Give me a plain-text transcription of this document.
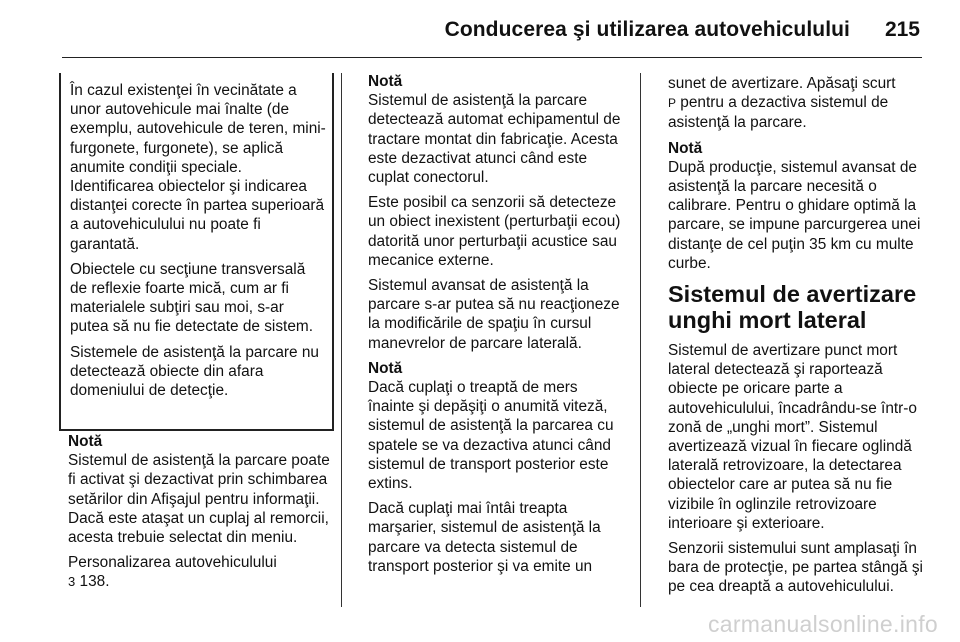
Conducerea şi utilizarea autovehiculului 215

În cazul existenţei în vecinătate a unor autovehicule mai înalte (de exemplu, autovehicule de teren, mini-furgonete, furgonete), se aplică anumite condiţii speciale. Identificarea obiectelor şi indicarea distanţei corecte în partea superioară a autovehiculului nu poate fi garantată.

Obiectele cu secţiune transversală de reflexie foarte mică, cum ar fi materialele subţiri sau moi, s-ar putea să nu fie detectate de sistem.

Sistemele de asistenţă la parcare nu detectează obiecte din afara domeniului de detecţie.

Notă
Sistemul de asistenţă la parcare poate fi activat şi dezactivat prin schimbarea setărilor din Afişajul pentru informaţii. Dacă este ataşat un cuplaj al remorcii, acesta trebuie selectat din meniu.

Personalizarea autovehiculului
3 138.

Notă
Sistemul de asistenţă la parcare detectează automat echipamentul de tractare montat din fabricaţie. Acesta este dezactivat atunci când este cuplat conectorul.

Este posibil ca senzorii să detecteze un obiect inexistent (perturbaţii ecou) datorită unor perturbaţii acustice sau mecanice externe.

Sistemul avansat de asistenţă la parcare s-ar putea să nu reacţioneze la modificările de spaţiu în cursul manevrelor de parcare laterală.

Notă
Dacă cuplaţi o treaptă de mers înainte şi depăşiţi o anumită viteză, sistemul de asistenţă la parcarea cu spatele se va dezactiva atunci când sistemul de transport posterior este extins.

Dacă cuplaţi mai întâi treapta marşarier, sistemul de asistenţă la parcare va detecta sistemul de transport posterior şi va emite un

sunet de avertizare. Apăsaţi scurt
P pentru a dezactiva sistemul de asistenţă la parcare.

Notă
După producţie, sistemul avansat de asistenţă la parcare necesită o calibrare. Pentru o ghidare optimă la parcare, se impune parcurgerea unei distanţe de cel puţin 35 km cu multe curbe.

Sistemul de avertizare unghi mort lateral

Sistemul de avertizare punct mort lateral detectează şi raportează obiecte pe oricare parte a autovehiculului, încadrându-se într-o zonă de „unghi mort”. Sistemul avertizează vizual în fiecare oglindă laterală retrovizoare, la detectarea obiectelor care ar putea să nu fie vizibile în oglinzile retrovizoare interioare şi exterioare.

Senzorii sistemului sunt amplasaţi în bara de protecţie, pe partea stângă şi pe cea dreaptă a autovehiculului.

carmanualsonline.info
